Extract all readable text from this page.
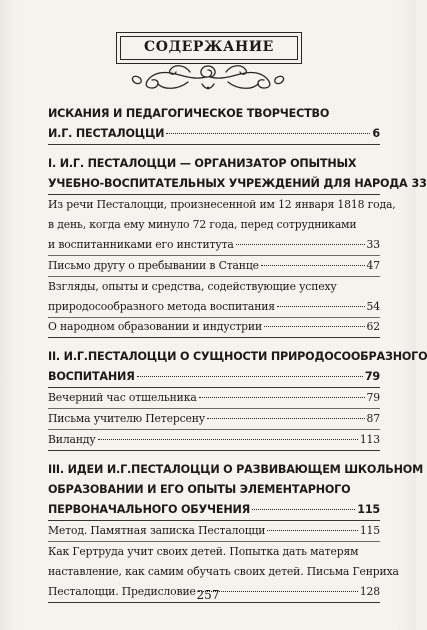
СОДЕРЖАНИЕ
ИСКАНИЯ И ПЕДАГОГИЧЕСКОЕ ТВОРЧЕСТВО
И.Г. ПЕСТАЛОЦЦИ	6
I. И.Г. ПЕСТАЛОЦЦИ — ОРГАНИЗАТОР ОПЫТНЫХ
УЧЕБНО-ВОСПИТАТЕЛЬНЫХ УЧРЕЖДЕНИЙ ДЛЯ НАРОДА 33
Из речи Песталоцци, произнесенной им 12 января 1818 года,
в день, когда ему минуло 72 года, перед сотрудниками
и воспитанниками его института	33
Письмо другу о пребывании в Станце	47
Взгляды, опыты и средства, содействующие успеху
природосообразного метода воспитания	54
О народном образовании и индустрии	62
II. И.Г.ПЕСТАЛОЦЦИ О СУЩНОСТИ ПРИРОДОСООБРАЗНОГО
ВОСПИТАНИЯ	79
Вечерний час отшельника	79
Письма учителю Петерсену	87
Виланду	113
III. ИДЕИ И.Г.ПЕСТАЛОЦЦИ О РАЗВИВАЮЩЕМ ШКОЛЬНОМ
ОБРАЗОВАНИИ И ЕГО ОПЫТЫ ЭЛЕМЕНТАРНОГО
ПЕРВОНАЧАЛЬНОГО ОБУЧЕНИЯ	115
Метод. Памятная записка Песталоцци	115
Как Гертруда учит своих детей. Попытка дать матерям
наставление, как самим обучать своих детей. Письма Генриха
Песталоцци. Предисловие	128
257
